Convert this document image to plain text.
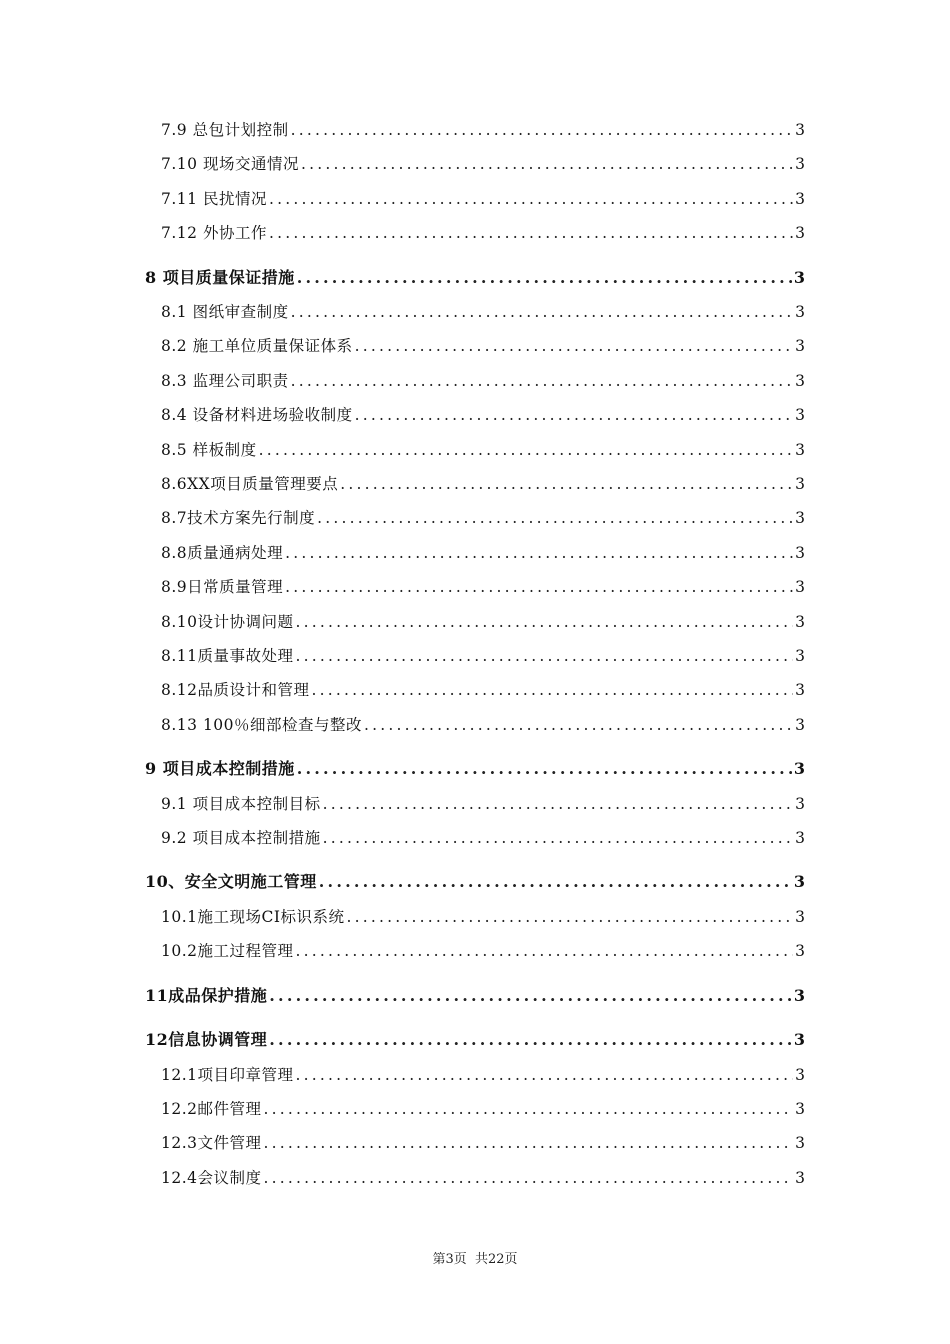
7.9 总包计划控制 .....	3
7.10 现场交通情况 .....	3
7.11 民扰情况 .....	3
7.12 外协工作 .....	3
8 项目质量保证措施 .....	3
8.1 图纸审查制度 .....	3
8.2 施工单位质量保证体系 .....	3
8.3 监理公司职责 .....	3
8.4 设备材料进场验收制度 .....	3
8.5 样板制度 .....	3
8.6XX项目质量管理要点 .....	3
8.7技术方案先行制度 .....	3
8.8质量通病处理 .....	3
8.9日常质量管理 .....	3
8.10设计协调问题 .....	3
8.11质量事故处理 .....	3
8.12品质设计和管理 .....	3
8.13 100％细部检查与整改 .....	3
9 项目成本控制措施 .....	3
9.1 项目成本控制目标 .....	3
9.2 项目成本控制措施 .....	3
10、安全文明施工管理 .....	3
10.1施工现场CI标识系统 .....	3
10.2施工过程管理 .....	3
11成品保护措施 .....	3
12信息协调管理 .....	3
12.1项目印章管理 .....	3
12.2邮件管理 .....	3
12.3文件管理 .....	3
12.4会议制度 .....	3
第3页 共22页
